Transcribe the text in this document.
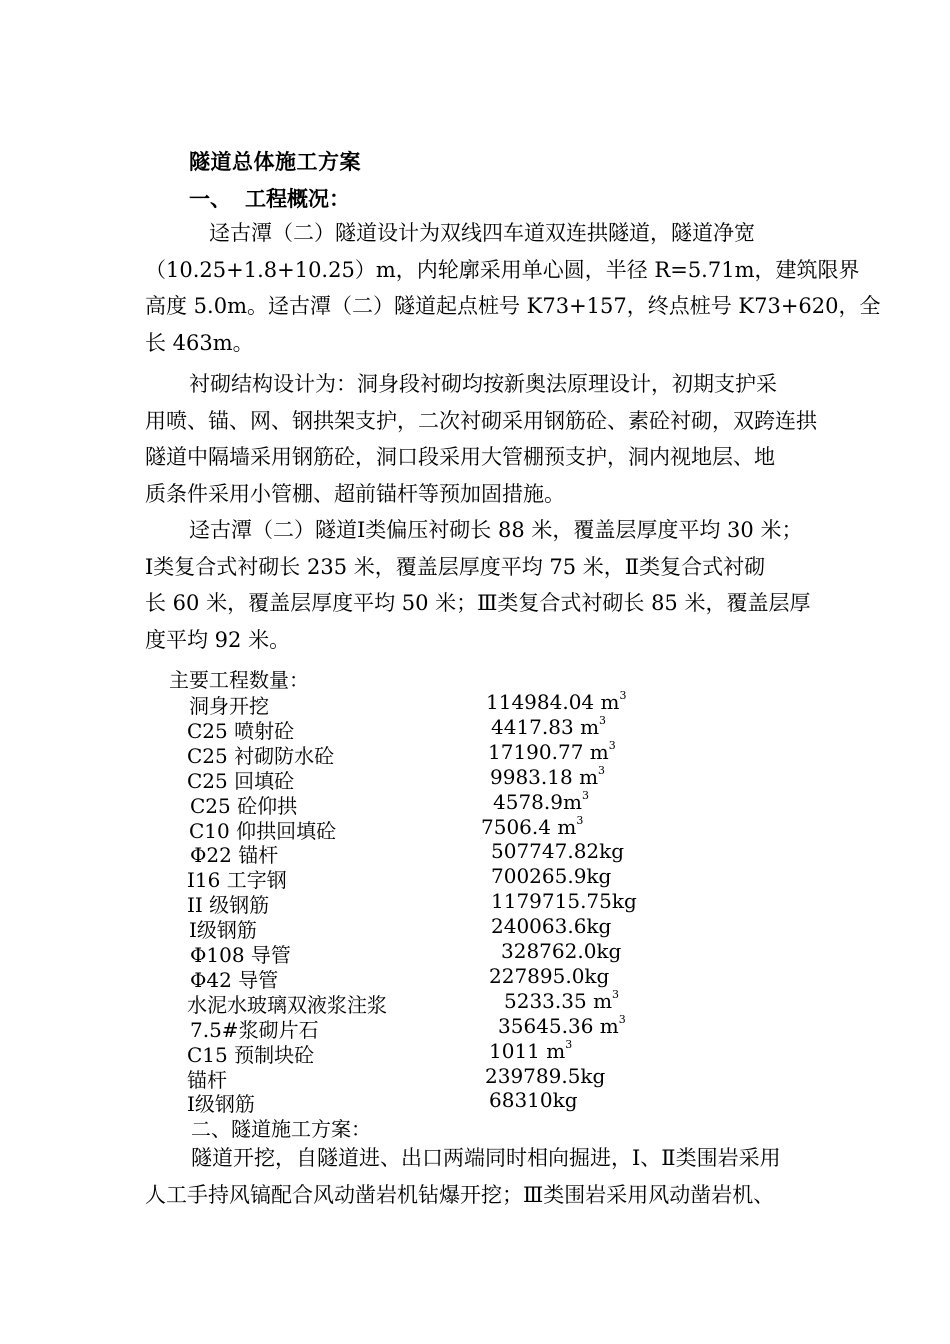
隧道总体施工方案
一、 工程概况：
迳古潭（二）隧道设计为双线四车道双连拱隧道，隧道净宽
（10.25+1.8+10.25）m，内轮廓采用单心圆，半径 R=5.71m，建筑限界
高度 5.0m。迳古潭（二）隧道起点桩号 K73+157，终点桩号 K73+620，全
长 463m。
衬砌结构设计为：洞身段衬砌均按新奥法原理设计，初期支护采
用喷、锚、网、钢拱架支护，二次衬砌采用钢筋砼、素砼衬砌，双跨连拱
隧道中隔墙采用钢筋砼，洞口段采用大管棚预支护，洞内视地层、地
质条件采用小管棚、超前锚杆等预加固措施。
迳古潭（二）隧道Ⅰ类偏压衬砌长 88 米，覆盖层厚度平均 30 米；
Ⅰ类复合式衬砌长 235 米，覆盖层厚度平均 75 米，Ⅱ类复合式衬砌
长 60 米，覆盖层厚度平均 50 米；Ⅲ类复合式衬砌长 85 米，覆盖层厚
度平均 92 米。
主要工程数量：
洞身开挖	114984.04 $m^3$
C25 喷射砼	4417.83 $m^3$
C25 衬砌防水砼	17190.77 $m^3$
C25 回填砼	9983.18 $m^3$
C25 砼仰拱	$4578.9m^3$
C10 仰拱回填砼	7506.4 $m^3$
Φ22 锚杆	507747.82kg
I16 工字钢	700265.9kg
II 级钢筋	1179715.75kg
Ⅰ级钢筋	240063.6kg
Φ108 导管	328762.0kg
Φ42 导管	227895.0kg
水泥水玻璃双液浆注浆	5233.35 $m^3$
7.5#浆砌片石	35645.36 $m^3$
C15 预制块砼	1011 $m^3$
锚杆	239789.5kg
Ⅰ级钢筋	68310kg
二、隧道施工方案：
隧道开挖，自隧道进、出口两端同时相向掘进，Ⅰ、Ⅱ类围岩采用
人工手持风镐配合风动凿岩机钻爆开挖；Ⅲ类围岩采用风动凿岩机、
